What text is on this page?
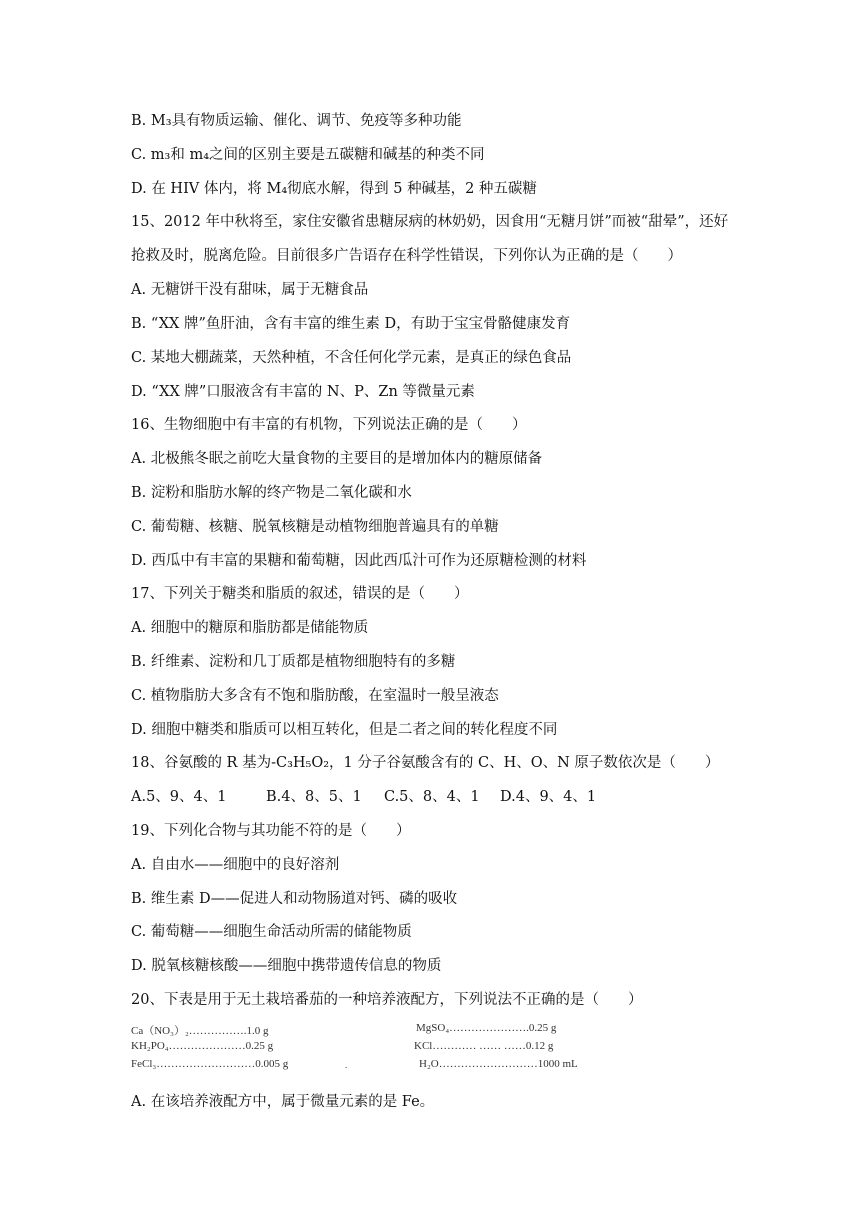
B. M₃具有物质运输、催化、调节、免疫等多种功能
C. m₃和 m₄之间的区别主要是五碳糖和碱基的种类不同
D. 在 HIV 体内，将 M₄彻底水解，得到 5 种碱基，2 种五碳糖
15、2012 年中秋将至，家住安徽省患糖尿病的林奶奶，因食用“无糖月饼”而被“甜晕”，还好
抢救及时，脱离危险。目前很多广告语存在科学性错误，下列你认为正确的是（　　）
A. 无糖饼干没有甜味，属于无糖食品
B. “XX 牌”鱼肝油，含有丰富的维生素 D，有助于宝宝骨骼健康发育
C. 某地大棚蔬菜，天然种植，不含任何化学元素，是真正的绿色食品
D. “XX 牌”口服液含有丰富的 N、P、Zn 等微量元素
16、生物细胞中有丰富的有机物，下列说法正确的是（　　）
A. 北极熊冬眠之前吃大量食物的主要目的是增加体内的糖原储备
B. 淀粉和脂肪水解的终产物是二氧化碳和水
C. 葡萄糖、核糖、脱氧核糖是动植物细胞普遍具有的单糖
D. 西瓜中有丰富的果糖和葡萄糖，因此西瓜汁可作为还原糖检测的材料
17、下列关于糖类和脂质的叙述，错误的是（　　）
A. 细胞中的糖原和脂肪都是储能物质
B. 纤维素、淀粉和几丁质都是植物细胞特有的多糖
C. 植物脂肪大多含有不饱和脂肪酸，在室温时一般呈液态
D. 细胞中糖类和脂质可以相互转化，但是二者之间的转化程度不同
18、谷氨酸的 R 基为-C₃H₅O₂，1 分子谷氨酸含有的 C、H、O、N 原子数依次是（　　）
A.5、9、4、1	B.4、8、5、1	C.5、8、4、1	D.4、9、4、1
19、下列化合物与其功能不符的是（　　）
A. 自由水——细胞中的良好溶剂
B. 维生素 D——促进人和动物肠道对钙、磷的吸收
C. 葡萄糖——细胞生命活动所需的储能物质
D. 脱氧核糖核酸——细胞中携带遗传信息的物质
20、下表是用于无土栽培番茄的一种培养液配方，下列说法不正确的是（　　）
Ca（NO₃）₂…………….1.0 g	MgSO₄………………….0.25 g
KH₂PO₄…………………0.25 g	KCl………… …… ……0.12 g
FeCl₃………………………0.005 g	.	H₂O………………………1000 mL
A. 在该培养液配方中，属于微量元素的是 Fe。
